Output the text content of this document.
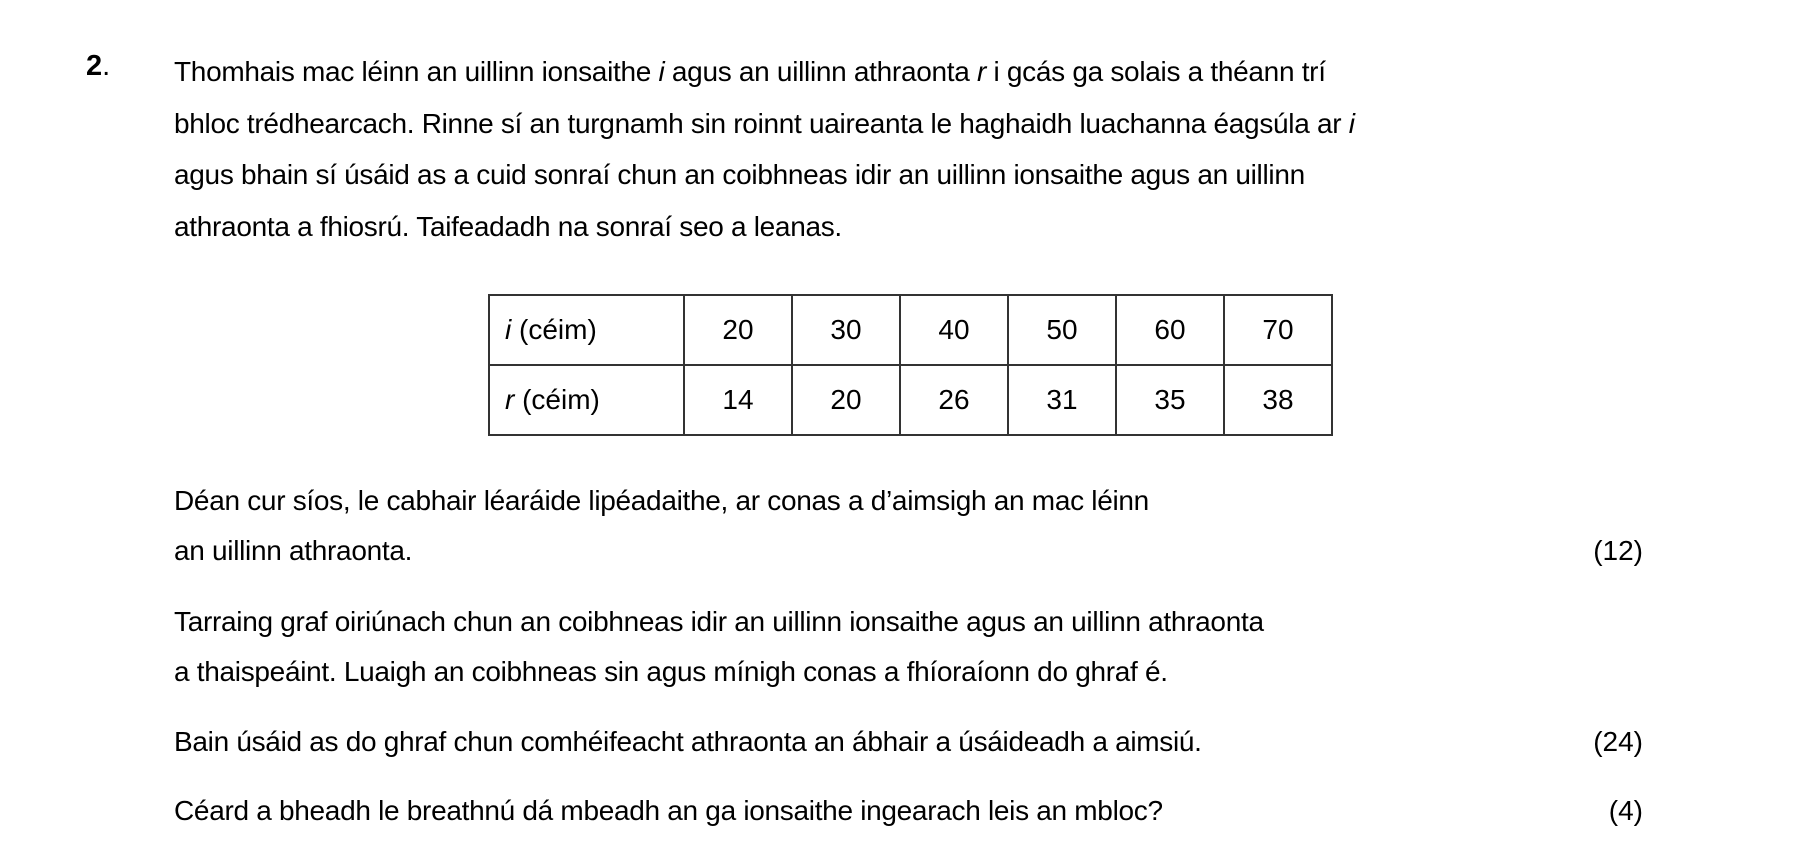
2. Thomhais mac léinn an uillinn ionsaithe i agus an uillinn athraonta r i gcás ga solais a théann trí
bhloc trédhearcach. Rinne sí an turgnamh sin roinnt uaireanta le haghaidh luachanna éagsúla ar i
agus bhain sí úsáid as a cuid sonraí chun an coibhneas idir an uillinn ionsaithe agus an uillinn
athraonta a fhiosrú. Taifeadadh na sonraí seo a leanas.
i (céim)	20	30	40	50	60	70
r (céim)	14	20	26	31	35	38
Déan cur síos, le cabhair léaráide lipéadaithe, ar conas a d’aimsigh an mac léinn
an uillinn athraonta.	(12)
Tarraing graf oiriúnach chun an coibhneas idir an uillinn ionsaithe agus an uillinn athraonta
a thaispeáint. Luaigh an coibhneas sin agus mínigh conas a fhíoraíonn do ghraf é.
Bain úsáid as do ghraf chun comhéifeacht athraonta an ábhair a úsáideadh a aimsiú.	(24)
Céard a bheadh le breathnú dá mbeadh an ga ionsaithe ingearach leis an mbloc?	(4)
